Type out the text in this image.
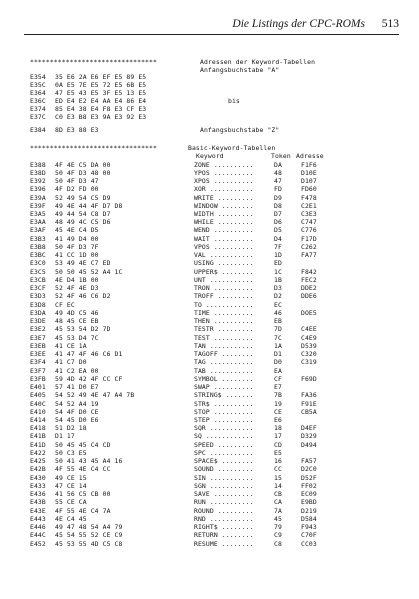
Die Listings der CPC-ROMs 513
********************************	Adressen der Keyword-Tabellen
Anfangsbuchstabe "A"
E354 35 E6 2A E6 EF E5 89 E5
E35C 0A E5 7E E5 72 E5 6B E5
E364 47 E5 43 E5 3F E5 13 E5
E36C ED E4 E2 E4 AA E4 86 E4
E374 85 E4 38 E4 F8 E3 CF E3
E37C C0 E3 B8 E3 9A E3 92 E3
E384 8D E3 88 E3
bis
Anfangsbuchstabe "Z"
********************************	Basic-Keyword-Tabellen
Keyword	Token Adresse
E388 4F 4E C5 DA 00	ZONE ..........	DA	F1F6
E38D 50 4F D3 48 00	YPOS ..........	48	D10E
E392 50 4F D3 47	XPOS ..........	47	D107
E396 4F D2 FD 00	XOR ...........	FD	FD60
E39A 52 49 54 C5 D9	WRITE .........	D9	F478
E39F 49 4E 44 4F D7 D8	WINDOW ........	D8	C2E1
E3A5 49 44 54 C8 D7	WIDTH .........	D7	C3E3
E3AA 48 49 4C C5 D6	WHILE .........	D6	C747
E3AF 45 4E C4 D5	WEND ..........	D5	C776
E3B3 41 49 D4 00	WAIT ..........	D4	F17D
E3B8 50 4F D3 7F	VPOS ..........	7F	C262
E3BC 41 CC 1D 00	VAL ...........	1D	FA77
E3C0 53 49 4E C7 ED	USING .........	ED
E3C5 50 50 45 52 A4 1C	UPPER$ ........	1C	F842
E3CB 4E D4 1B 00	UNT ...........	1B	FEC2
E3CF 52 4F 4E D3	TRON ..........	D3	DDE2
E3D3 52 4F 46 C6 D2	TROFF .........	D2	DDE6
E3D8 CF EC	TO ............	EC
E3DA 49 4D C5 46	TIME ..........	46	DOE5
E3DE 48 45 CE EB	THEN ..........	EB
E3E2 45 53 54 D2 7D	TESTR .........	7D	C4EE
E3E7 45 53 D4 7C	TEST ..........	7C	C4E9
E3EB 41 CE 1A	TAN ...........	1A	D539
E3EE 41 47 4F 46 C6 D1	TAGOFF ........	D1	C320
E3F4 41 C7 D0	TAG ...........	D0	C319
E3F7 41 C2 EA 00	TAB ...........	EA
E3FB 59 4D 42 4F CC CF	SYMBOL ........	CF	F69D
E401 57 41 D0 E7	SWAP ..........	E7
E405 54 52 49 4E 47 A4 7B	STRING$ .......	7B	FA36
E40C 54 52 A4 19	STR$ ..........	19	F91E
E410 54 4F D0 CE	STOP ..........	CE	CB5A
E414 54 45 D0 E6	STEP ..........	E6
E418 51 D2 18	SQR ...........	18	D4EF
E41B D1 17	SQ ............	17	D329
E41D 50 45 45 C4 CD	SPEED .........	CD	D494
E422 50 C3 E5	SPC ...........	E5
E425 50 41 43 45 A4 16	SPACE$ ........	16	FA57
E42B 4F 55 4E C4 CC	SOUND .........	CC	D2C0
E430 49 CE 15	SIN ...........	15	D52F
E433 47 CE 14	SGN ...........	14	FF02
E436 41 56 C5 CB 00	SAVE ..........	CB	EC09
E43B 55 CE CA	RUN ...........	CA	E9BD
E43E 4F 55 4E C4 7A	ROUND .........	7A	D219
E443 4E C4 45	RND ...........	45	D584
E446 49 47 48 54 A4 79	RIGHT$ ........	79	F943
E44C 45 54 55 52 CE C9	RETURN ........	C9	C70F
E452 45 53 55 4D C5 C8	RESUME ........	C8	CC03
